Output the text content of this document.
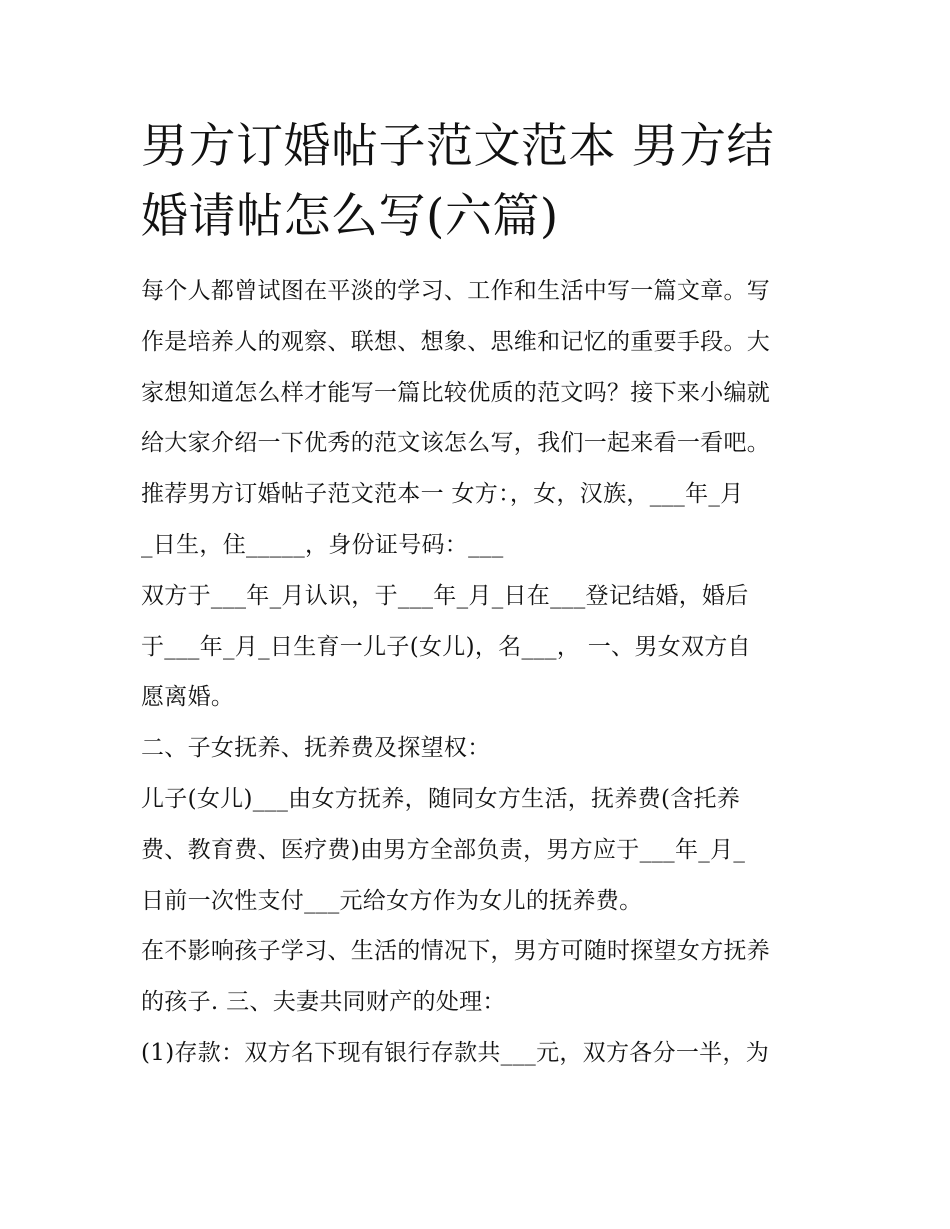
男方订婚帖子范文范本 男方结
婚请帖怎么写(六篇)
每个人都曾试图在平淡的学习、工作和生活中写一篇文章。写
作是培养人的观察、联想、想象、思维和记忆的重要手段。大
家想知道怎么样才能写一篇比较优质的范文吗？接下来小编就
给大家介绍一下优秀的范文该怎么写，我们一起来看一看吧。
推荐男方订婚帖子范文范本一 女方：，女，汉族，___年_月
_日生，住_____，身份证号码：___
双方于___年_月认识，于___年_月_日在___登记结婚，婚后
于___年_月_日生育一儿子(女儿)，名___， 一、男女双方自
愿离婚。
二、子女抚养、抚养费及探望权：
儿子(女儿)___由女方抚养，随同女方生活，抚养费(含托养
费、教育费、医疗费)由男方全部负责，男方应于___年_月_
日前一次性支付___元给女方作为女儿的抚养费。
在不影响孩子学习、生活的情况下，男方可随时探望女方抚养
的孩子. 三、夫妻共同财产的处理：
(1)存款：双方名下现有银行存款共___元，双方各分一半，为
